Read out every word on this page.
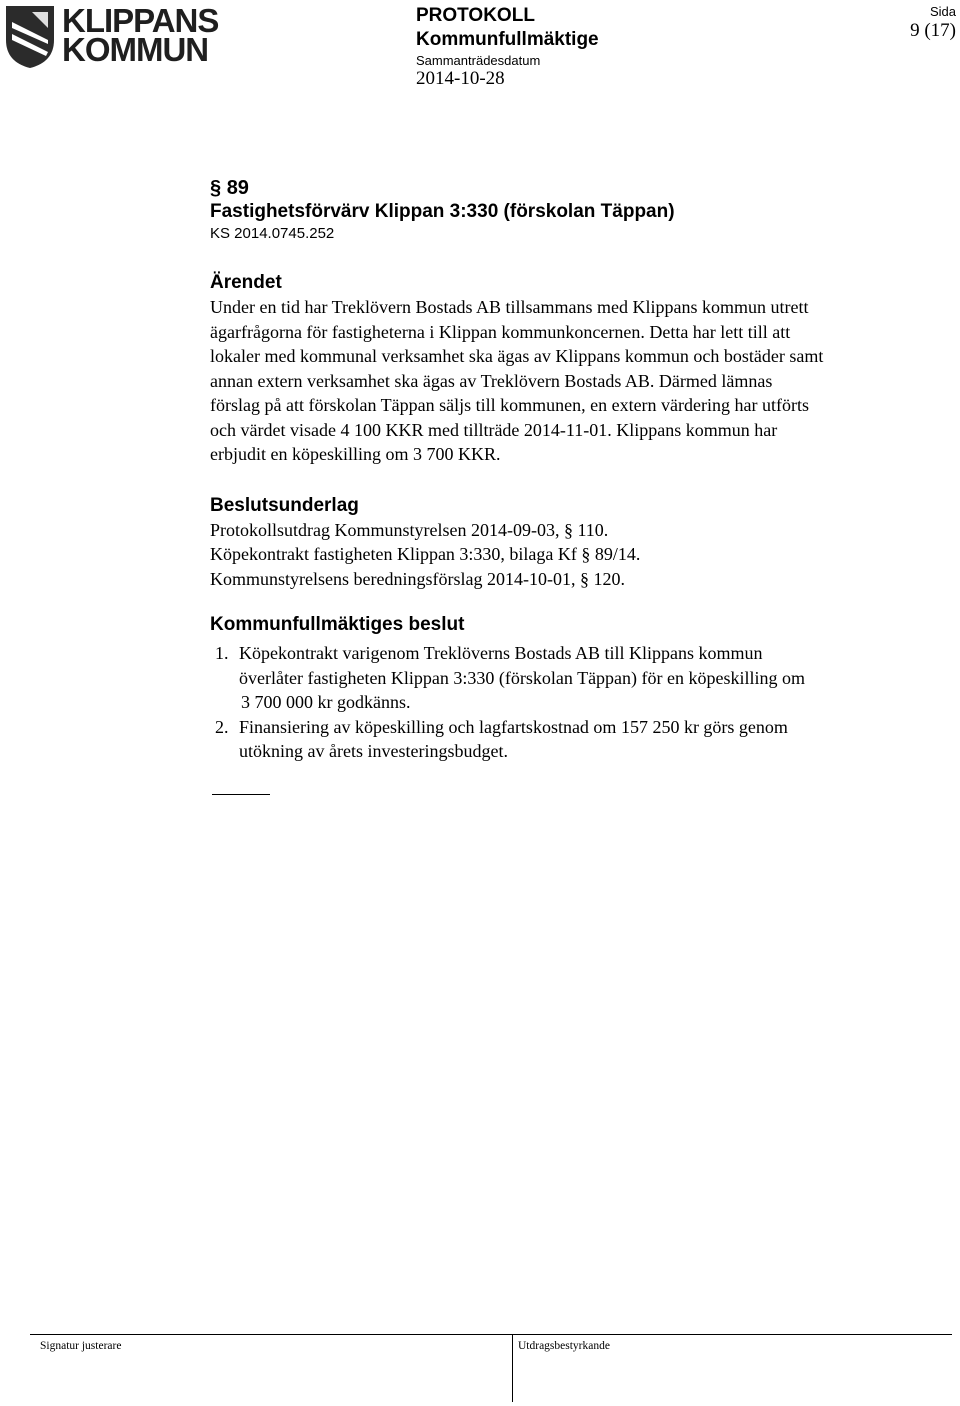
KLIPPANS
KOMMUN
PROTOKOLL
Kommunfullmäktige
Sammanträdesdatum
2014-10-28
Sida
9 (17)
§ 89
Fastighetsförvärv Klippan 3:330 (förskolan Täppan)
KS 2014.0745.252
Ärendet
Under en tid har Treklövern Bostads AB tillsammans med Klippans kommun utrett
ägarfrågorna för fastigheterna i Klippan kommunkoncernen. Detta har lett till att
lokaler med kommunal verksamhet ska ägas av Klippans kommun och bostäder samt
annan extern verksamhet ska ägas av Treklövern Bostads AB. Därmed lämnas
förslag på att förskolan Täppan säljs till kommunen, en extern värdering har utförts
och värdet visade 4 100 KKR med tillträde 2014-11-01. Klippans kommun har
erbjudit en köpeskilling om 3 700 KKR.
Beslutsunderlag
Protokollsutdrag Kommunstyrelsen 2014-09-03, § 110.
Köpekontrakt fastigheten Klippan 3:330, bilaga Kf § 89/14.
Kommunstyrelsens beredningsförslag 2014-10-01, § 120.
Kommunfullmäktiges beslut
1. Köpekontrakt varigenom Treklöverns Bostads AB till Klippans kommun
överlåter fastigheten Klippan 3:330 (förskolan Täppan) för en köpeskilling om
3 700 000 kr godkänns.
2. Finansiering av köpeskilling och lagfartskostnad om 157 250 kr görs genom
utökning av årets investeringsbudget.
Signatur justerare	Utdragsbestyrkande
